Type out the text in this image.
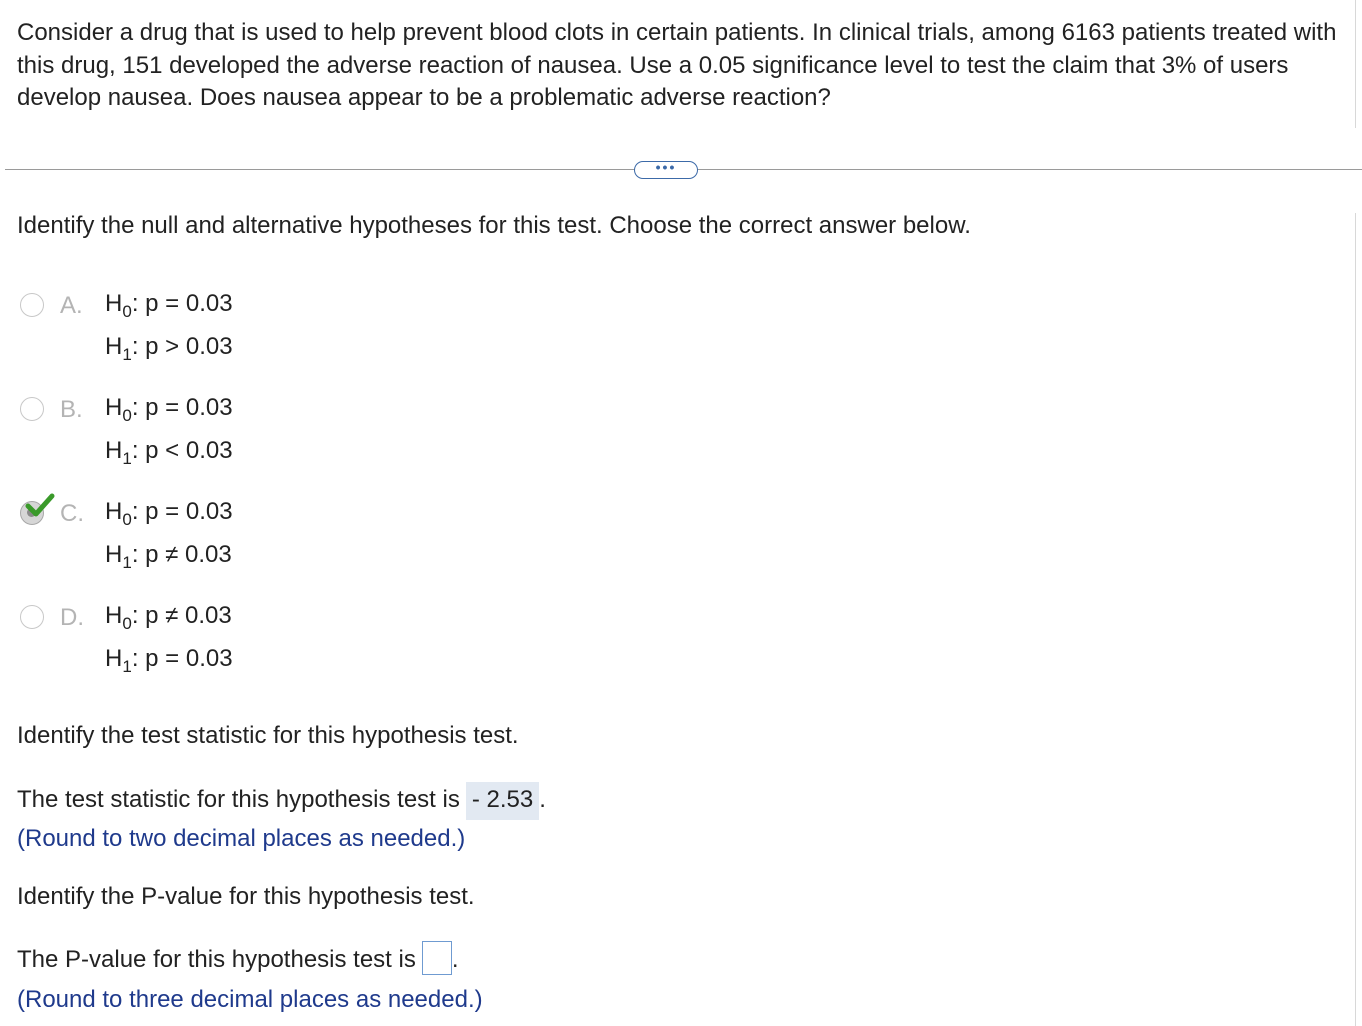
Consider a drug that is used to help prevent blood clots in certain patients. In clinical trials, among 6163 patients treated with this drug, 151 developed the adverse reaction of nausea. Use a 0.05 significance level to test the claim that 3% of users develop nausea. Does nausea appear to be a problematic adverse reaction?
•••
Identify the null and alternative hypotheses for this test. Choose the correct answer below.
A. $H_0$: p = 0.03
$H_1$: p > 0.03
B. $H_0$: p = 0.03
$H_1$: p < 0.03
C. $H_0$: p = 0.03
$H_1$: p ≠ 0.03
D. $H_0$: p ≠ 0.03
$H_1$: p = 0.03
Identify the test statistic for this hypothesis test.
The test statistic for this hypothesis test is - 2.53 .
(Round to two decimal places as needed.)
Identify the P-value for this hypothesis test.
The P-value for this hypothesis test is .
(Round to three decimal places as needed.)
